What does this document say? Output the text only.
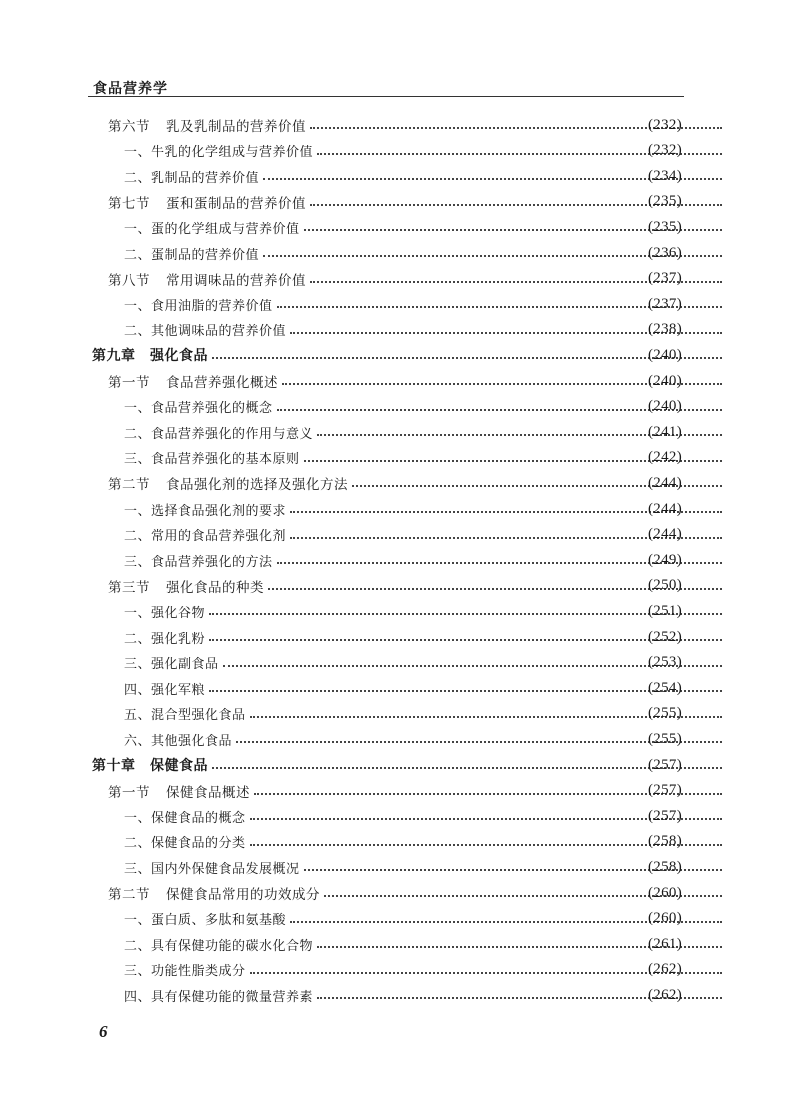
食品营养学
第六节 乳及乳制品的营养价值	(232)
一、牛乳的化学组成与营养价值	(232)
二、乳制品的营养价值	(234)
第七节 蛋和蛋制品的营养价值	(235)
一、蛋的化学组成与营养价值	(235)
二、蛋制品的营养价值	(236)
第八节 常用调味品的营养价值	(237)
一、食用油脂的营养价值	(237)
二、其他调味品的营养价值	(238)
第九章　强化食品	(240)
第一节 食品营养强化概述	(240)
一、食品营养强化的概念	(240)
二、食品营养强化的作用与意义	(241)
三、食品营养强化的基本原则	(242)
第二节 食品强化剂的选择及强化方法	(244)
一、选择食品强化剂的要求	(244)
二、常用的食品营养强化剂	(244)
三、食品营养强化的方法	(249)
第三节 强化食品的种类	(250)
一、强化谷物	(251)
二、强化乳粉	(252)
三、强化副食品	(253)
四、强化军粮	(254)
五、混合型强化食品	(255)
六、其他强化食品	(255)
第十章　保健食品	(257)
第一节 保健食品概述	(257)
一、保健食品的概念	(257)
二、保健食品的分类	(258)
三、国内外保健食品发展概况	(258)
第二节 保健食品常用的功效成分	(260)
一、蛋白质、多肽和氨基酸	(260)
二、具有保健功能的碳水化合物	(261)
三、功能性脂类成分	(262)
四、具有保健功能的微量营养素	(262)
6
